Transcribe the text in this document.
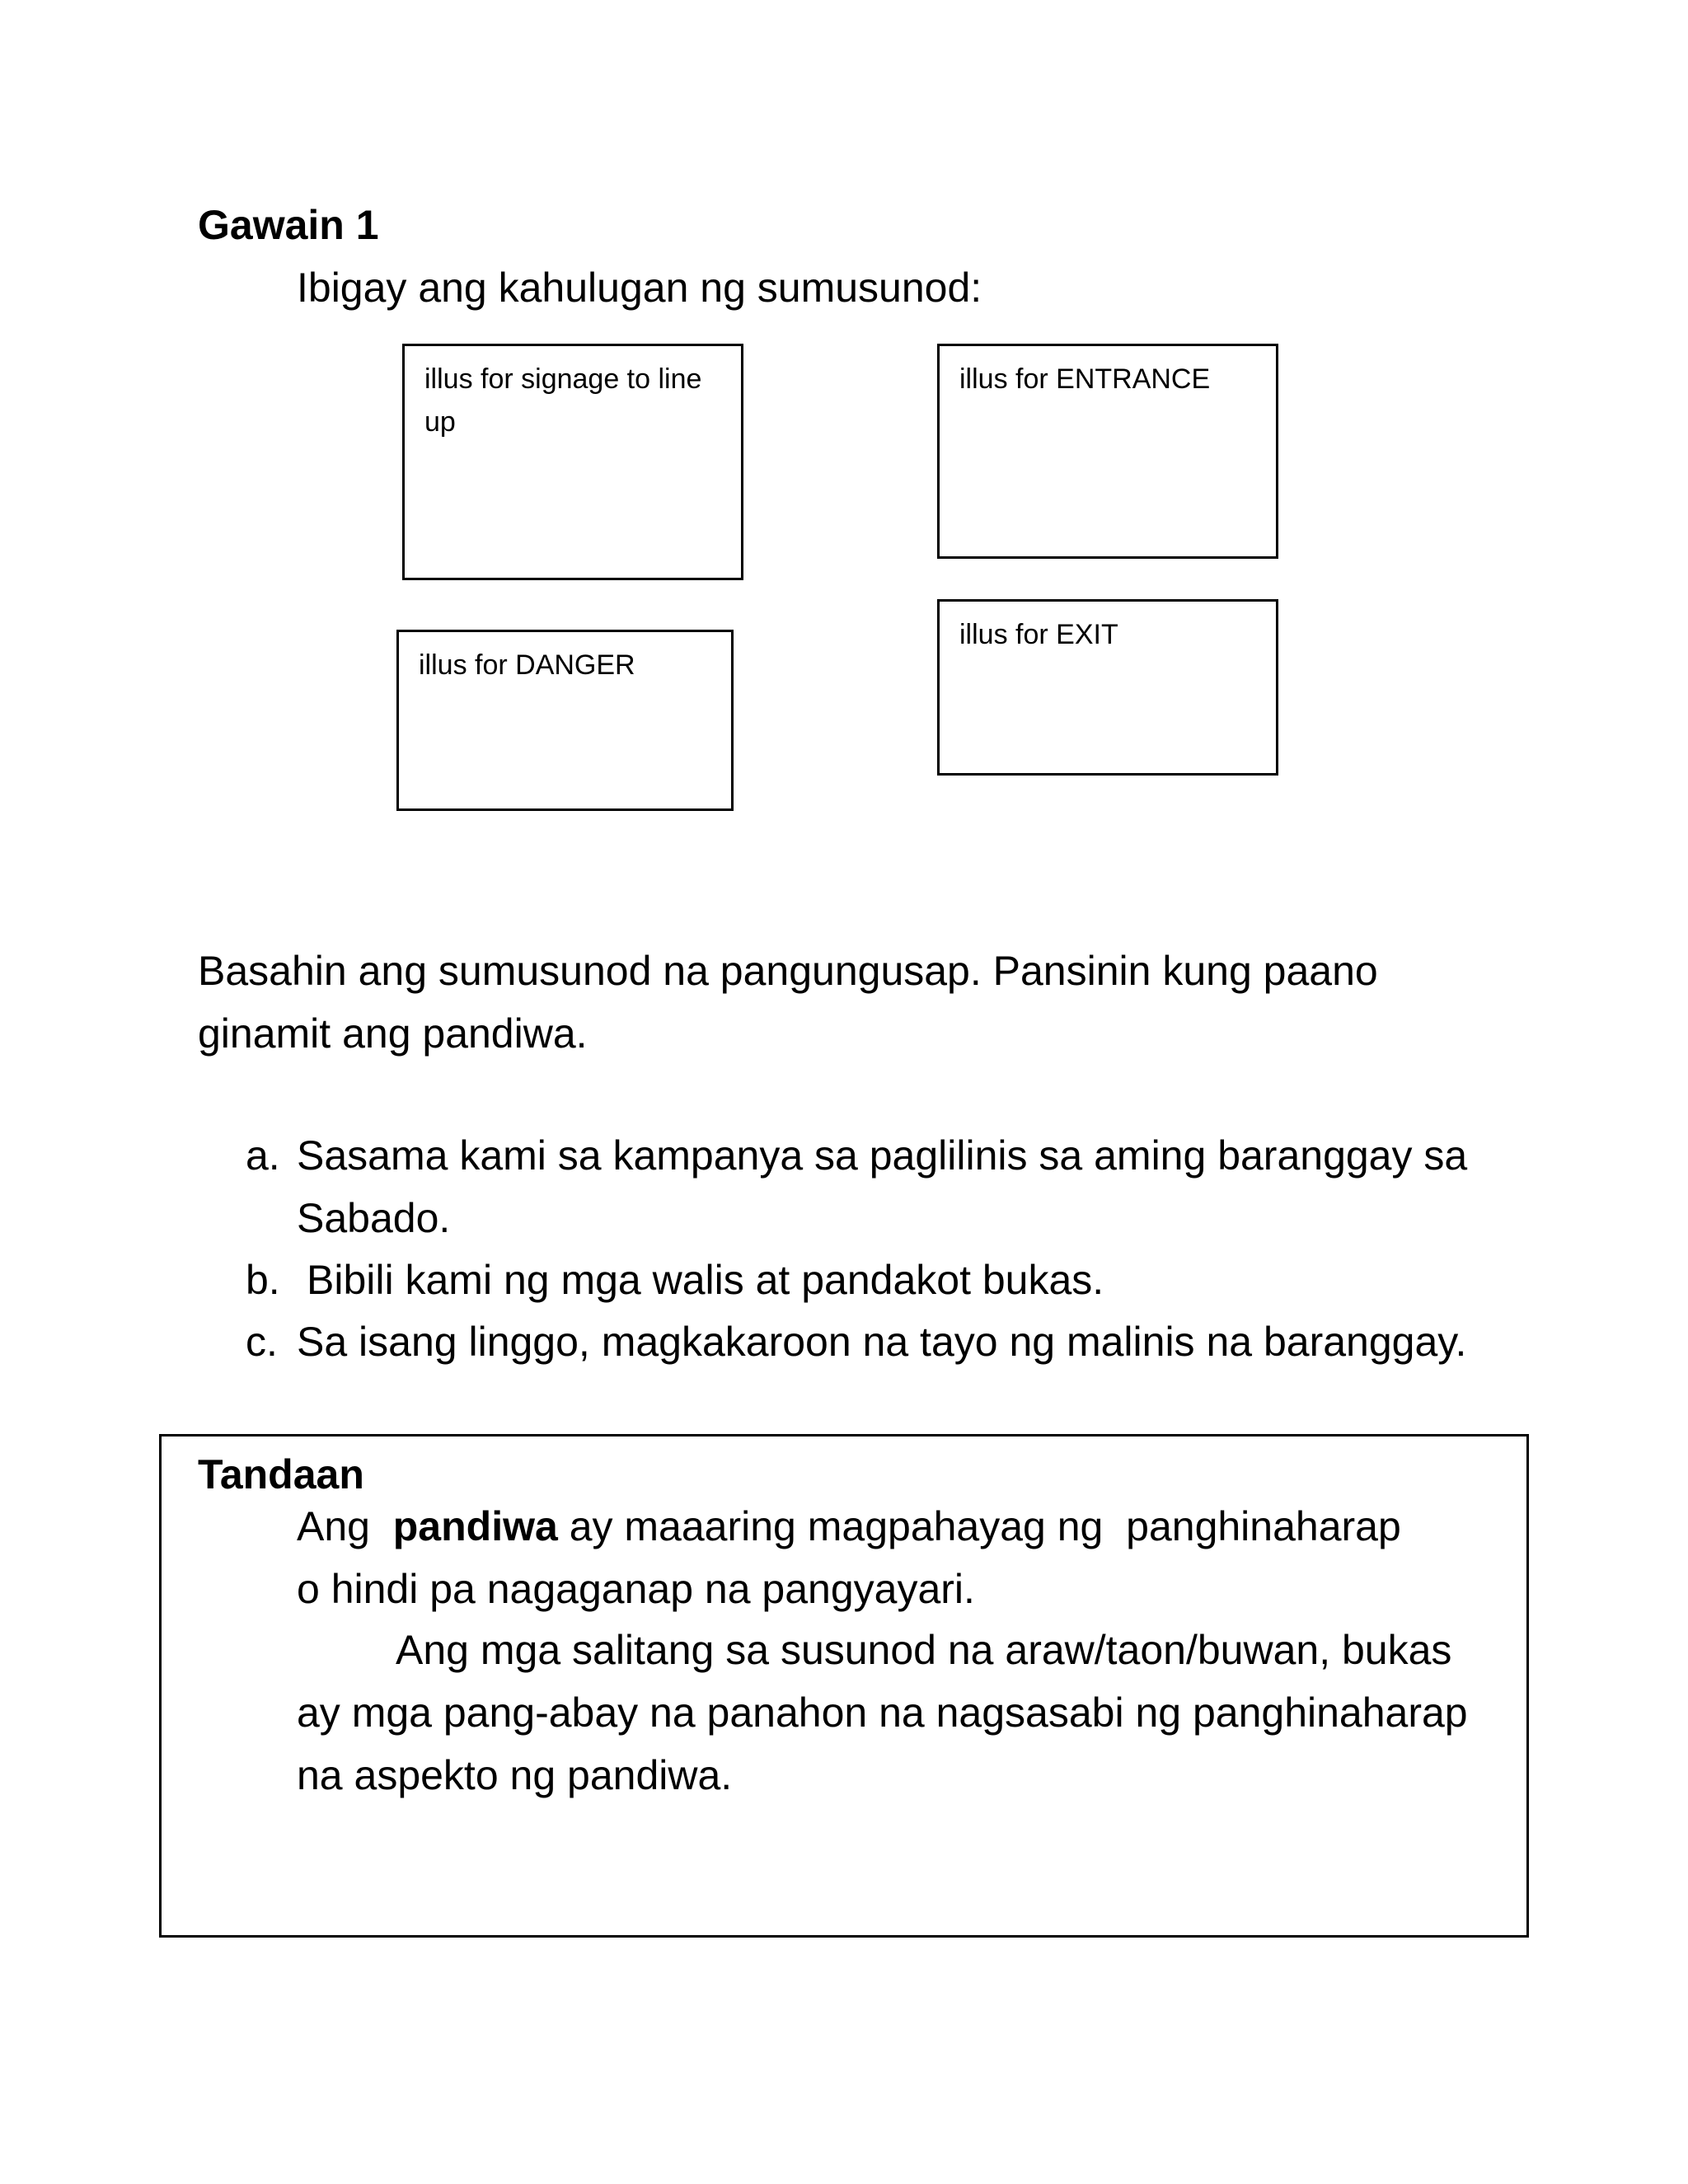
Gawain 1
Ibigay ang kahulugan ng sumusunod:
illus for signage to line up
illus for ENTRANCE
illus for DANGER
illus for EXIT
Basahin ang sumusunod na pangungusap. Pansinin kung paano ginamit ang pandiwa.
a. Sasama kami sa kampanya sa paglilinis sa aming baranggay sa Sabado.
b. Bibili kami ng mga walis at pandakot bukas.
c. Sa isang linggo, magkakaroon na tayo ng malinis na baranggay.
Tandaan
Ang pandiwa ay maaaring magpahayag ng  panghinaharap o hindi pa nagaganap na pangyayari.
Ang mga salitang sa susunod na araw/taon/buwan, bukas ay mga pang-abay na panahon na nagsasabi ng panghinaharap na aspekto ng pandiwa.
